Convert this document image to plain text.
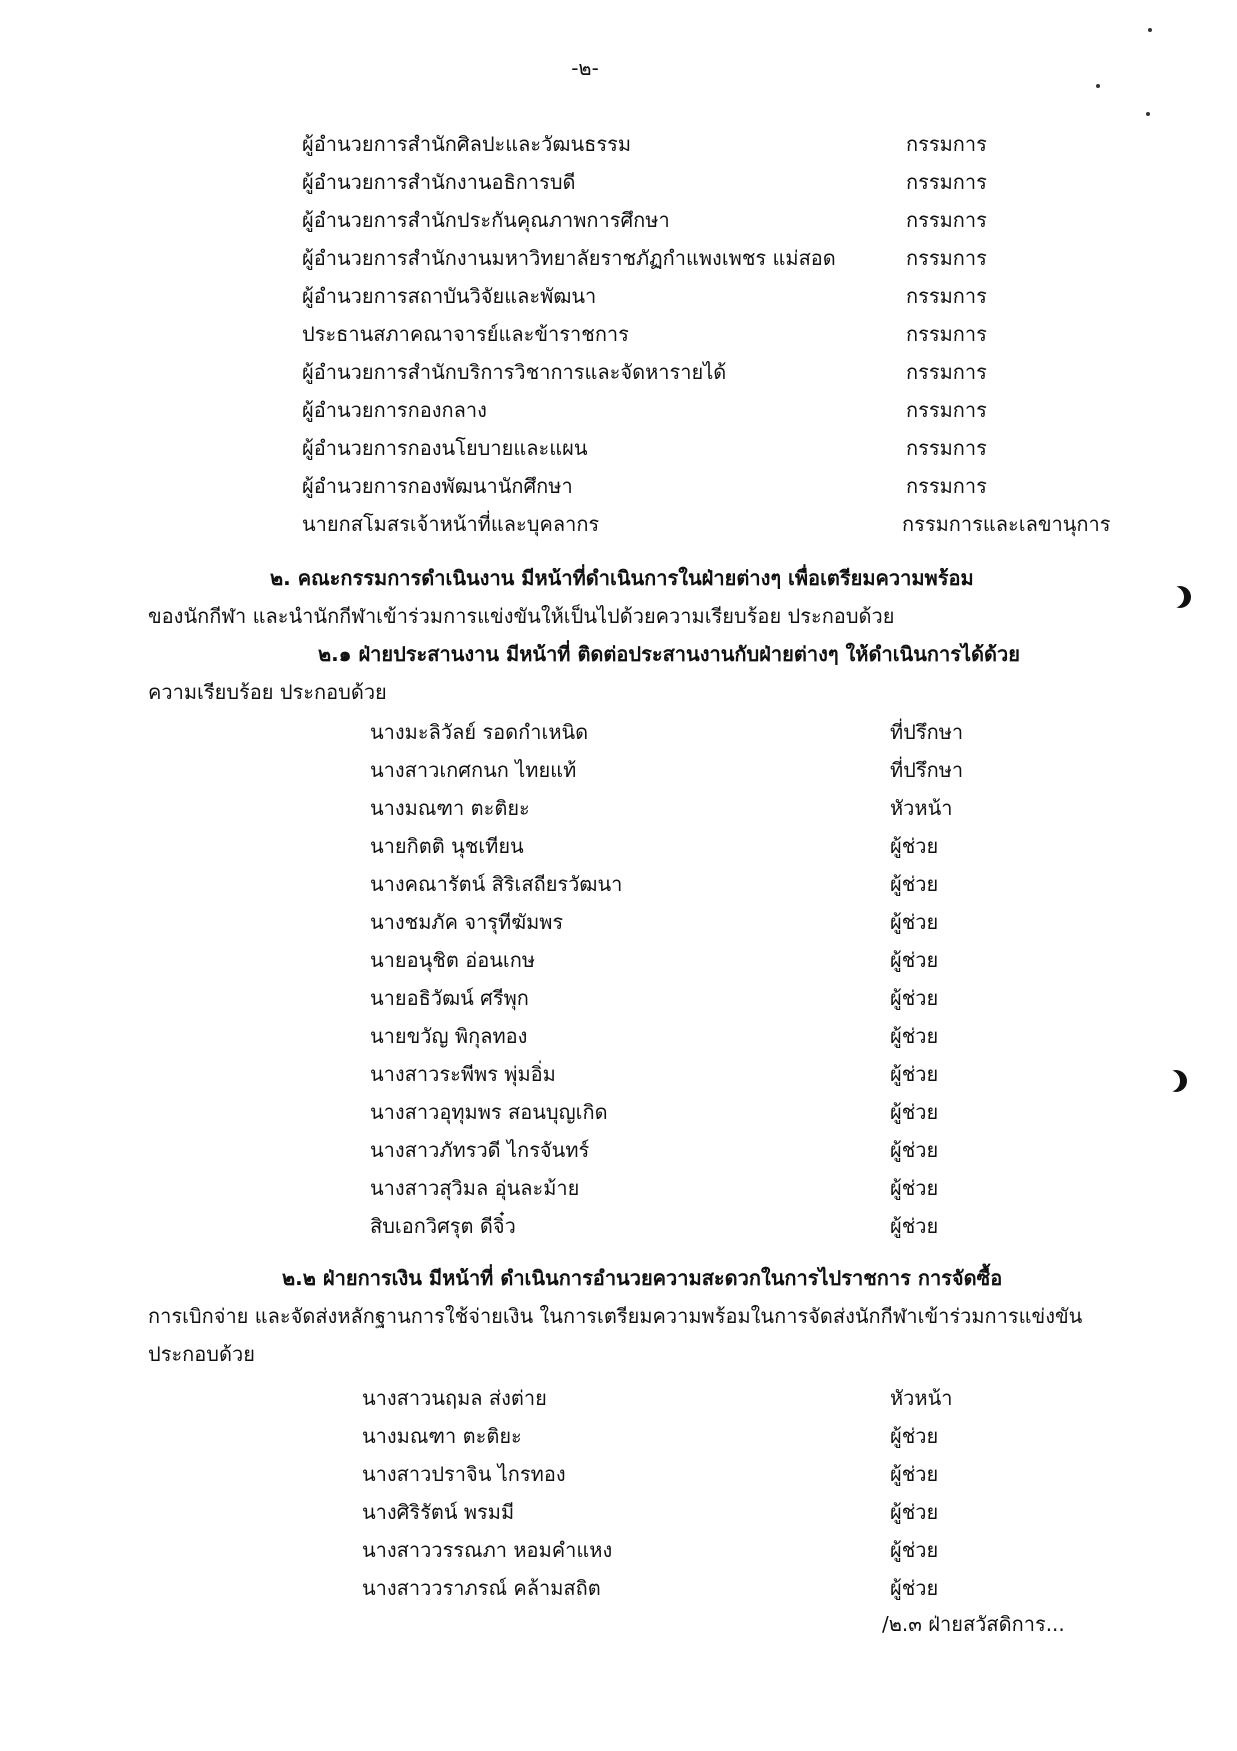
-๒-
ผู้อำนวยการสำนักศิลปะและวัฒนธรรม	กรรมการ
ผู้อำนวยการสำนักงานอธิการบดี	กรรมการ
ผู้อำนวยการสำนักประกันคุณภาพการศึกษา	กรรมการ
ผู้อำนวยการสำนักงานมหาวิทยาลัยราชภัฏกำแพงเพชร แม่สอด	กรรมการ
ผู้อำนวยการสถาบันวิจัยและพัฒนา	กรรมการ
ประธานสภาคณาจารย์และข้าราชการ	กรรมการ
ผู้อำนวยการสำนักบริการวิชาการและจัดหารายได้	กรรมการ
ผู้อำนวยการกองกลาง	กรรมการ
ผู้อำนวยการกองนโยบายและแผน	กรรมการ
ผู้อำนวยการกองพัฒนานักศึกษา	กรรมการ
นายกสโมสรเจ้าหน้าที่และบุคลากร	กรรมการและเลขานุการ
๒. คณะกรรมการดำเนินงาน มีหน้าที่ดำเนินการในฝ่ายต่างๆ เพื่อเตรียมความพร้อม
ของนักกีฬา และนำนักกีฬาเข้าร่วมการแข่งขันให้เป็นไปด้วยความเรียบร้อย ประกอบด้วย
๒.๑ ฝ่ายประสานงาน มีหน้าที่ ติดต่อประสานงานกับฝ่ายต่างๆ ให้ดำเนินการได้ด้วย
ความเรียบร้อย ประกอบด้วย
นางมะลิวัลย์ รอดกำเหนิด	ที่ปรึกษา
นางสาวเกศกนก ไทยแท้	ที่ปรึกษา
นางมณฑา ตะติยะ	หัวหน้า
นายกิตติ นุชเทียน	ผู้ช่วย
นางคณารัตน์ สิริเสถียรวัฒนา	ผู้ช่วย
นางชมภัค จารุทีฆัมพร	ผู้ช่วย
นายอนุชิต อ่อนเกษ	ผู้ช่วย
นายอธิวัฒน์ ศรีพุก	ผู้ช่วย
นายขวัญ พิกุลทอง	ผู้ช่วย
นางสาวระพีพร พุ่มอิ่ม	ผู้ช่วย
นางสาวอุทุมพร สอนบุญเกิด	ผู้ช่วย
นางสาวภัทรวดี ไกรจันทร์	ผู้ช่วย
นางสาวสุวิมล อุ่นละม้าย	ผู้ช่วย
สิบเอกวิศรุต ดีจิ๋ว	ผู้ช่วย
๒.๒ ฝ่ายการเงิน มีหน้าที่ ดำเนินการอำนวยความสะดวกในการไปราชการ การจัดซื้อ
การเบิกจ่าย และจัดส่งหลักฐานการใช้จ่ายเงิน ในการเตรียมความพร้อมในการจัดส่งนักกีฬาเข้าร่วมการแข่งขัน
ประกอบด้วย
นางสาวนฤมล ส่งต่าย	หัวหน้า
นางมณฑา ตะติยะ	ผู้ช่วย
นางสาวปราจิน ไกรทอง	ผู้ช่วย
นางศิริรัตน์ พรมมี	ผู้ช่วย
นางสาววรรณภา หอมคำแหง	ผู้ช่วย
นางสาววราภรณ์ คล้ามสถิต	ผู้ช่วย
/๒.๓ ฝ่ายสวัสดิการ...
